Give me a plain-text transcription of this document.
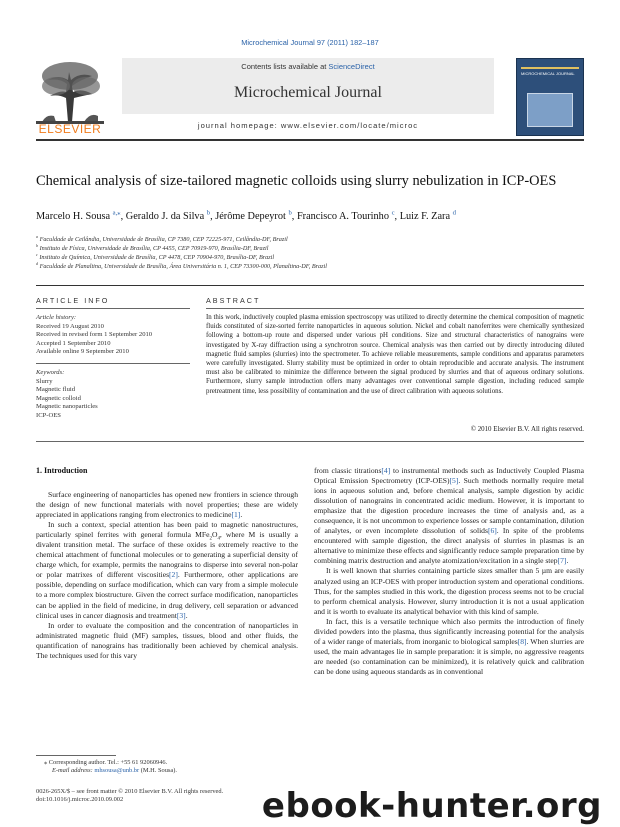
Microchemical Journal 97 (2011) 182–187
ELSEVIER
Contents lists available at ScienceDirect
Microchemical Journal
journal homepage: www.elsevier.com/locate/microc
MICROCHEMICAL JOURNAL
Chemical analysis of size-tailored magnetic colloids using slurry nebulization in ICP-OES
Marcelo H. Sousa $^{a,⁎}$, Geraldo J. da Silva $^b$, Jérôme Depeyrot $^b$, Francisco A. Tourinho $^c$, Luiz F. Zara $^d$
$^a$ Faculdade de Ceilândia, Universidade de Brasília, CP 7380, CEP 72225-971, Ceilândia-DF, Brazil
$^b$ Instituto de Física, Universidade de Brasília, CP 4455, CEP 70919-970, Brasília-DF, Brazil
$^c$ Instituto de Química, Universidade de Brasília, CP 4478, CEP 70904-970, Brasília-DF, Brazil
$^d$ Faculdade de Planaltina, Universidade de Brasília, Área Universitária n. 1, CEP 73300-000, Planaltina-DF, Brazil
ARTICLE INFO	ABSTRACT
Article history:
Received 19 August 2010
Received in revised form 1 September 2010
Accepted 1 September 2010
Available online 9 September 2010
Keywords:
Slurry
Magnetic fluid
Magnetic colloid
Magnetic nanoparticles
ICP-OES
In this work, inductively coupled plasma emission spectroscopy was utilized to directly determine the chemical composition of magnetic fluids constituted of size-sorted ferrite nanoparticles in aqueous solution. Nickel and cobalt nanoferrites were chemically synthesized following a bottom-up route and dispersed under various pH conditions. Size and structural characteristics of nanograins were investigated by X-ray diffraction using a synchrotron source. Chemical analysis was then carried out by directly introducing diluted magnetic fluid samples (slurries) into the spectrometer. To achieve reliable measurements, sample conditions and apparatus parameters were carefully investigated. Slurry stability must be optimized in order to obtain reproducible and accurate analysis. The instrument must also be calibrated to minimize the difference between the signal produced by slurries and that of aqueous ordinary solutions. Furthermore, slurry sample introduction offers many advantages over conventional sample digestion, including reduced sample pretreatment time, less possibility of contamination and the use of direct calibration with aqueous solutions.
© 2010 Elsevier B.V. All rights reserved.
1. Introduction

Surface engineering of nanoparticles has opened new frontiers in science through the design of new functional materials with novel properties; these are widely appreciated in applications ranging from electronics to medicine[1].

In such a context, special attention has been paid to magnetic nanostructures, particularly spinel ferrites with general formula $MFe_2O_4$, where M is usually a divalent transition metal. The surface of these oxides is extremely reactive to the chemical attachment of functional molecules or to generating a superficial density of charge which, for example, permits the nanograins to disperse into several non-polar or polar matrixes of different viscosities[2]. Furthermore, other applications are possible, depending on surface modification, which can vary from a simple molecule to a more complex biostructure. Given the correct surface modification, nanoparticles can be applied in the field of medicine, in drug delivery, cell separation or advanced clinical uses in cancer diagnosis and treatment[3].

In order to evaluate the composition and the concentration of nanoparticles in administrated magnetic fluid (MF) samples, tissues, blood and other fluids, the quantification of nanograins has traditionally been achieved by chemical analysis. The techniques used for this vary

from classic titrations[4] to instrumental methods such as Inductively Coupled Plasma Optical Emission Spectrometry (ICP-OES)[5]. Such methods normally require metal ions in aqueous solution and, before chemical analysis, sample digestion by acidic dissolution of nanograins in concentrated acidic medium. However, it is important to emphasize that the digestion procedure increases the time of analysis and, as a consequence, it is not uncommon to experience losses or sample contamination, dilution of analytes, or even incomplete dissolution of solids[6]. In spite of the problems encountered with sample digestion, the direct analysis of slurries in plasmas is an alternative to minimize these effects and significantly reduce sample preparation time by combining matrix destruction and analyte atomization/excitation in a single step[7].

It is well known that slurries containing particle sizes smaller than 5 µm are easily analyzed using an ICP-OES with proper introduction system and operational conditions. Thus, for the samples studied in this work, the digestion process seems not to be crucial to perform chemical analysis. However, slurry introduction it is not a usual application and it is worth to evaluate its analytical behavior with this kind of sample.

In fact, this is a versatile technique which also permits the introduction of finely divided powders into the plasma, thus significantly increasing potential for the analysis of a wider range of materials, from inorganic to biological samples[8]. When slurries are used, the main advantages lie in sample preparation: it is simple, no aggressive reagents are needed (so contamination can be minimized), it is relatively quick and calibration can be done using aqueous standards as in conventional

⁎ Corresponding author. Tel.: +55 61 92060946.
E-mail address: mhsousa@unb.br (M.H. Sousa).
0026-265X/$ – see front matter © 2010 Elsevier B.V. All rights reserved.
doi:10.1016/j.microc.2010.09.002	ebook-hunter.org
